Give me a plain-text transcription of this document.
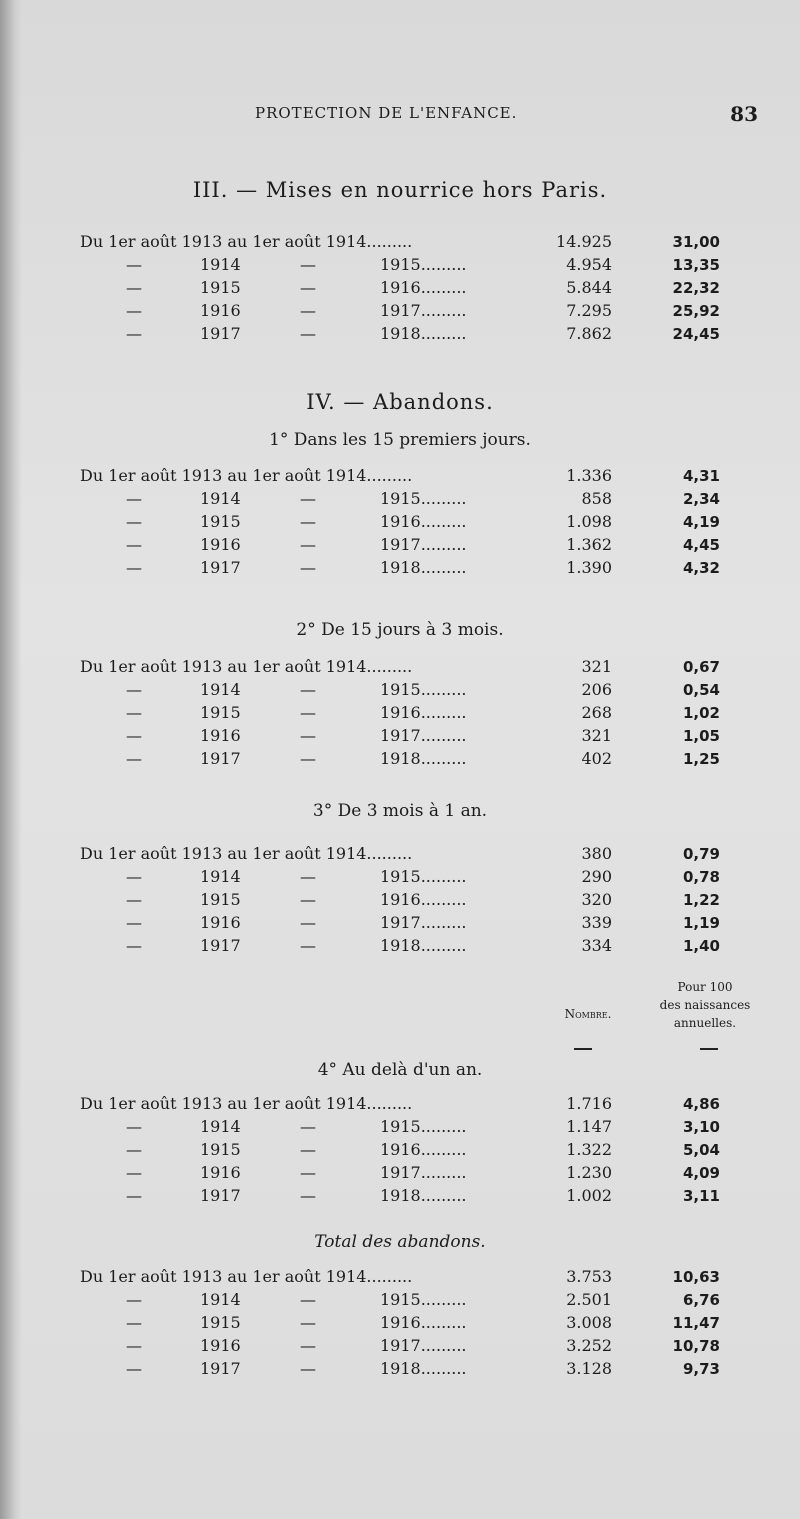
PROTECTION DE L'ENFANCE.	83
III. — Mises en nourrice hors Paris.
Du 1er août 1913 au 1er août 1914.........	14.925	31,00
—	1914	—	1915.........	4.954	13,35
—	1915	—	1916.........	5.844	22,32
—	1916	—	1917.........	7.295	25,92
—	1917	—	1918.........	7.862	24,45
IV. — Abandons.
1° Dans les 15 premiers jours.
Du 1er août 1913 au 1er août 1914.........	1.336	4,31
—	1914	—	1915.........	858	2,34
—	1915	—	1916.........	1.098	4,19
—	1916	—	1917.........	1.362	4,45
—	1917	—	1918.........	1.390	4,32
2° De 15 jours à 3 mois.
Du 1er août 1913 au 1er août 1914.........	321	0,67
—	1914	—	1915.........	206	0,54
—	1915	—	1916.........	268	1,02
—	1916	—	1917.........	321	1,05
—	1917	—	1918.........	402	1,25
3° De 3 mois à 1 an.
Du 1er août 1913 au 1er août 1914.........	380	0,79
—	1914	—	1915.........	290	0,78
—	1915	—	1916.........	320	1,22
—	1916	—	1917.........	339	1,19
—	1917	—	1918.........	334	1,40
Nombre.
Pour 100
des naissances
annuelles.
4° Au delà d'un an.
Du 1er août 1913 au 1er août 1914.........	1.716	4,86
—	1914	—	1915.........	1.147	3,10
—	1915	—	1916.........	1.322	5,04
—	1916	—	1917.........	1.230	4,09
—	1917	—	1918.........	1.002	3,11
Total des abandons.
Du 1er août 1913 au 1er août 1914.........	3.753	10,63
—	1914	—	1915.........	2.501	6,76
—	1915	—	1916.........	3.008	11,47
—	1916	—	1917.........	3.252	10,78
—	1917	—	1918.........	3.128	9,73
